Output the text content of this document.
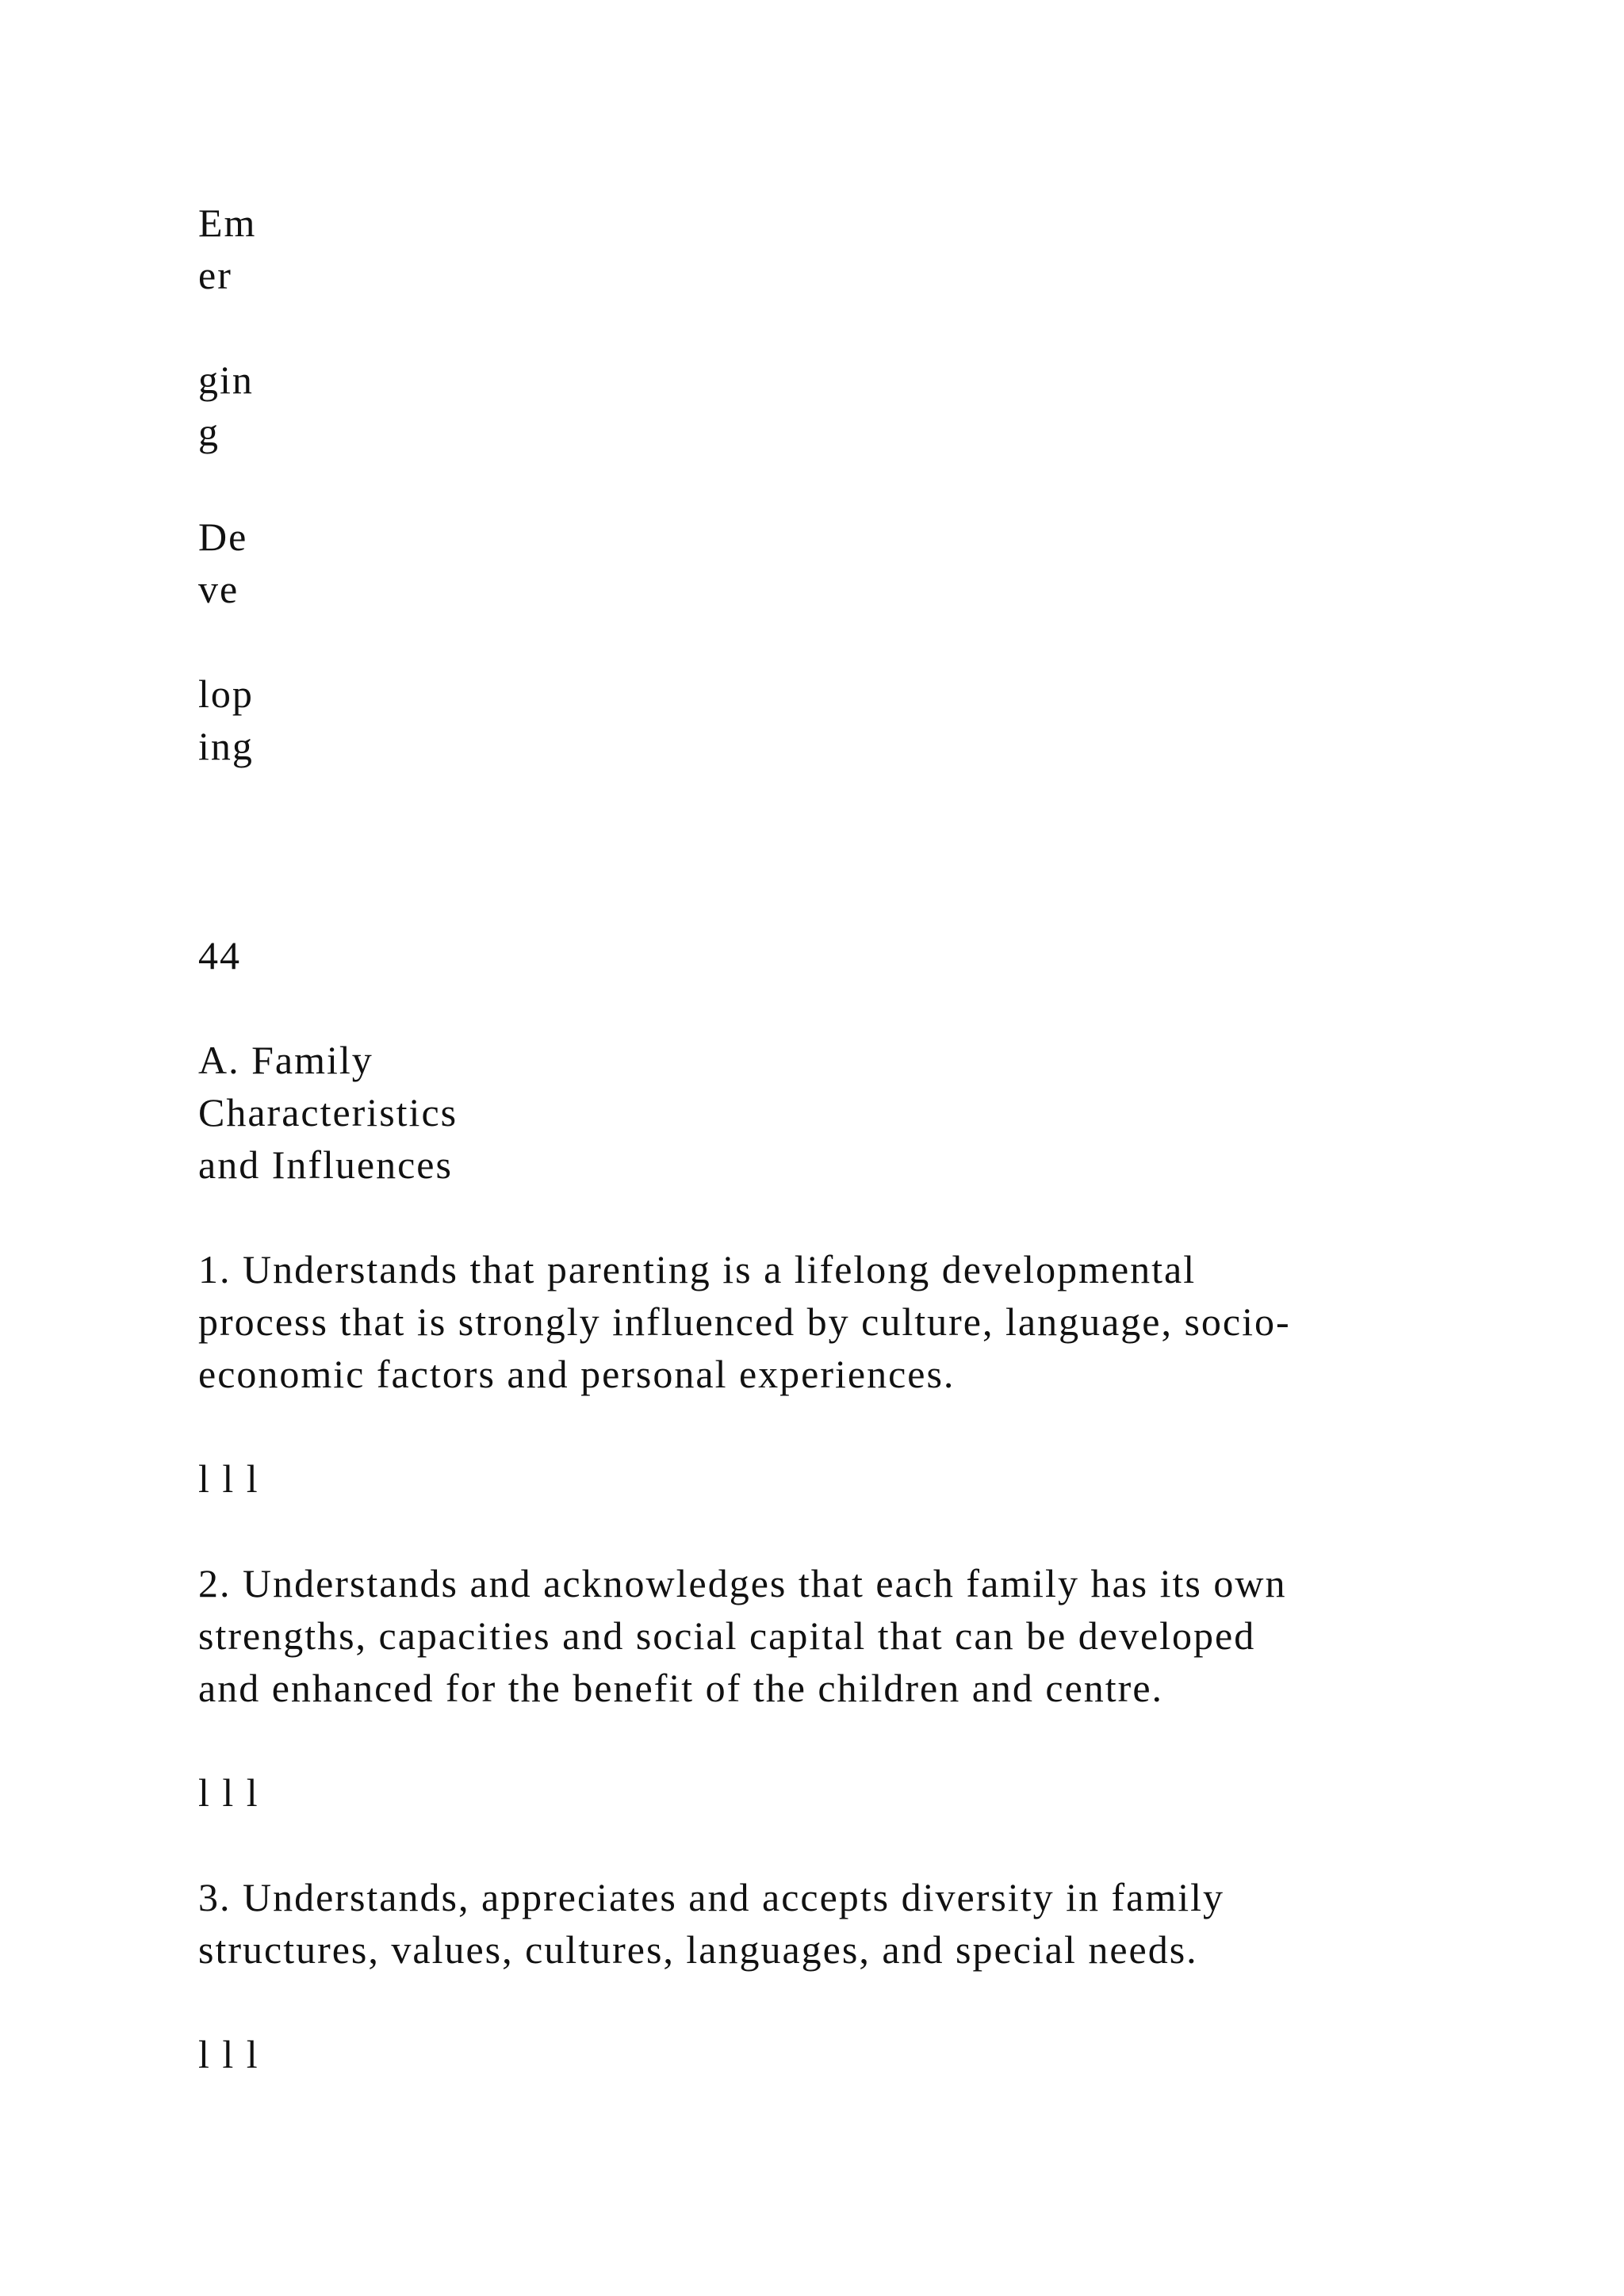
Em
er
gin
g
De
ve
lop
ing
44
A. Family
Characteristics
and Influences
1. Understands that parenting is a lifelong developmental
process that is strongly influenced by culture, language, socio-
economic factors and personal experiences.
l l l
2. Understands and acknowledges that each family has its own
strengths, capacities and social capital that can be developed
and enhanced for the benefit of the children and centre.
l l l
3. Understands, appreciates and accepts diversity in family
structures, values, cultures, languages, and special needs.
l l l
